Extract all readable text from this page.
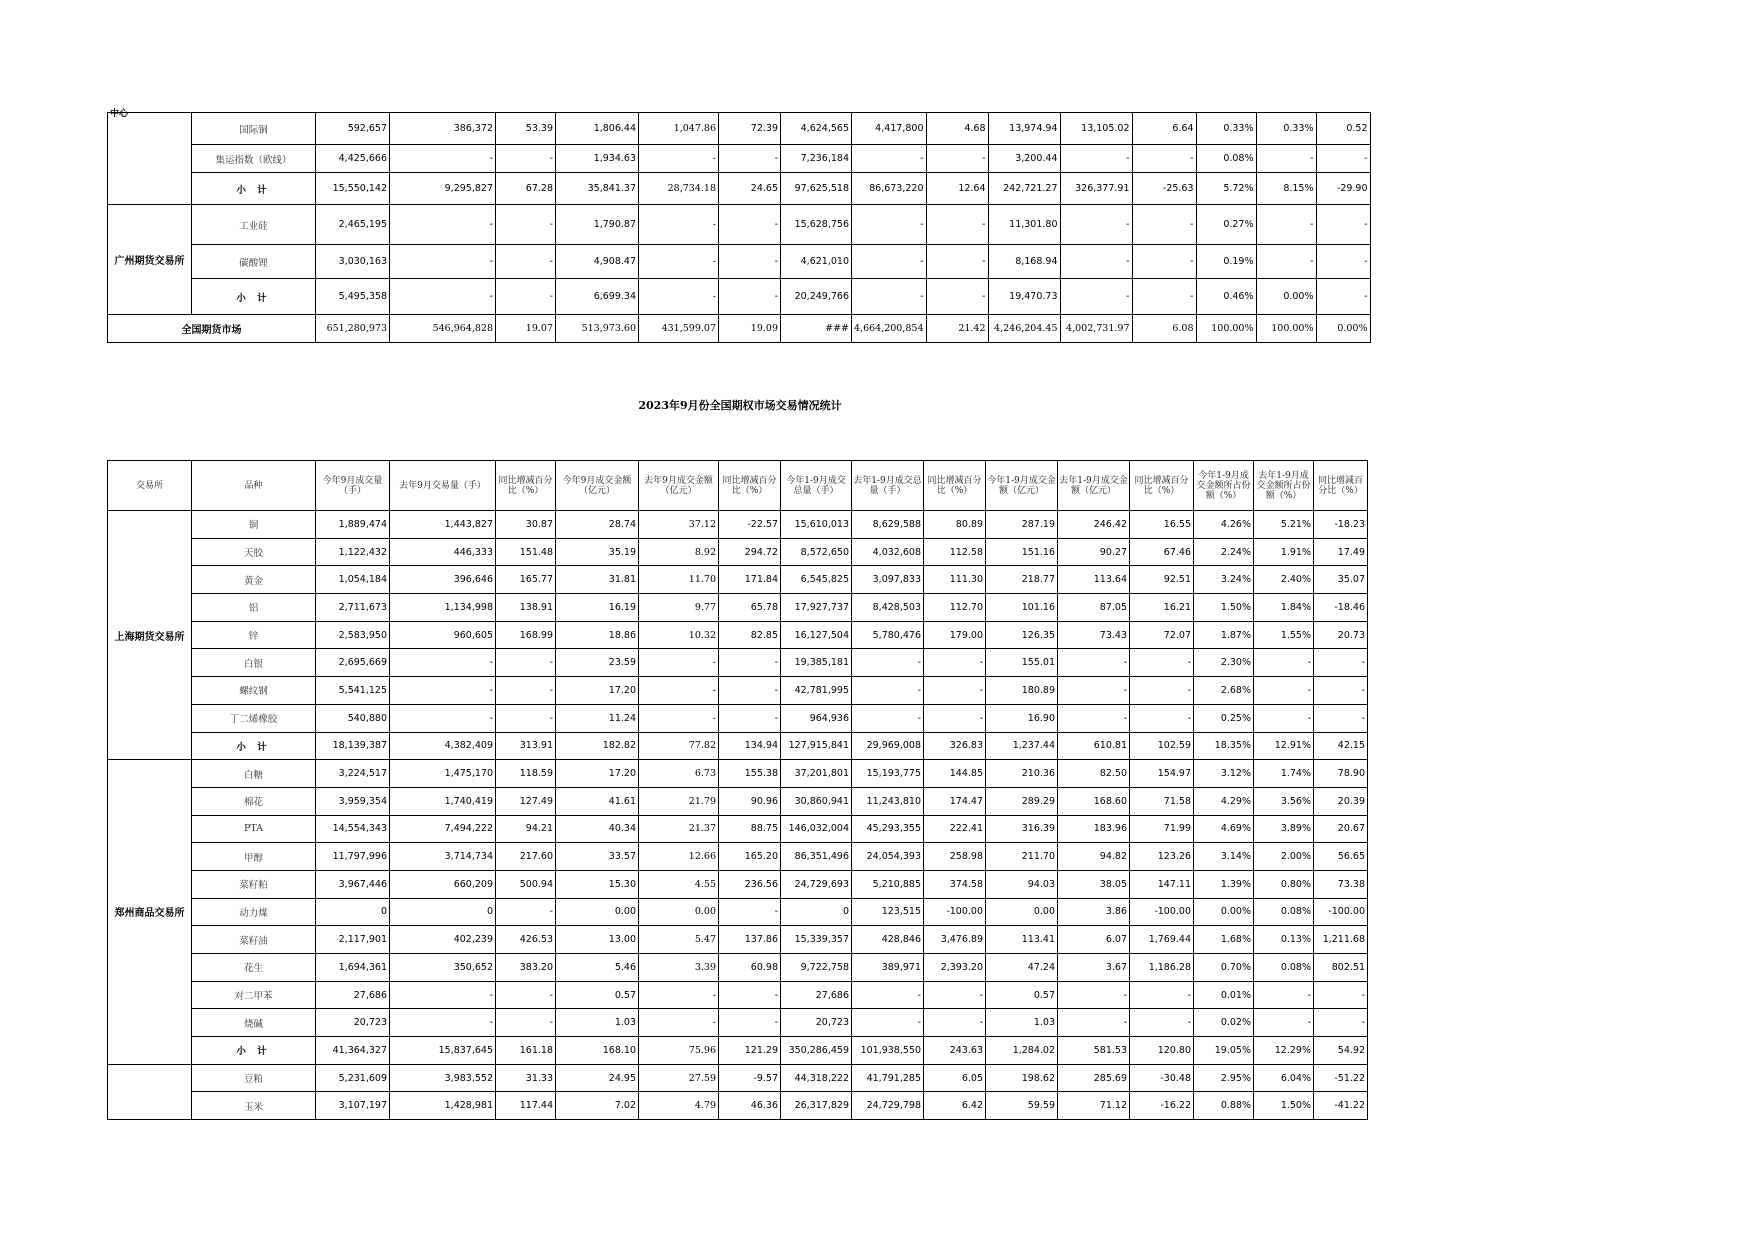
中心
	国际铜	592,657	386,372	53.39	1,806.44	1,047.86	72.39	4,624,565	4,417,800	4.68	13,974.94	13,105.02	6.64	0.33%	0.33%	0.52
	集运指数（欧线）	4,425,666	-	-	1,934.63	-	-	7,236,184	-	-	3,200.44	-	-	0.08%	-	-
	小 计	15,550,142	9,295,827	67.28	35,841.37	28,734.18	24.65	97,625,518	86,673,220	12.64	242,721.27	326,377.91	-25.63	5.72%	8.15%	-29.90
广州期货交易所	工业硅	2,465,195	-	-	1,790.87	-	-	15,628,756	-	-	11,301.80	-	-	0.27%	-	-
	碳酸锂	3,030,163	-	-	4,908.47	-	-	4,621,010	-	-	8,168.94	-	-	0.19%	-	-
	小 计	5,495,358	-	-	6,699.34	-	-	20,249,766	-	-	19,470.73	-	-	0.46%	0.00%	-
全国期货市场		651,280,973	546,964,828	19.07	513,973.60	431,599.07	19.09	###	4,664,200,854	21.42	4,246,204.45	4,002,731.97	6.08	100.00%	100.00%	0.00%
2023年9月份全国期权市场交易情况统计
交易所	品种	今年9月成交量（手）	去年9月交易量（手）	同比增减百分比（%）	今年9月成交金额（亿元）	去年9月成交金额（亿元）	同比增减百分比（%）	今年1-9月成交总量（手）	去年1-9月成交总量（手）	同比增减百分比（%）	今年1-9月成交金额（亿元）	去年1-9月成交金额（亿元）	同比增减百分比（%）	今年1-9月成交金额所占份额（%）	去年1-9月成交金额所占份额（%）	同比增减百分比（%）
上海期货交易所	铜	1,889,474	1,443,827	30.87	28.74	37.12	-22.57	15,610,013	8,629,588	80.89	287.19	246.42	16.55	4.26%	5.21%	-18.23
	天胶	1,122,432	446,333	151.48	35.19	8.92	294.72	8,572,650	4,032,608	112.58	151.16	90.27	67.46	2.24%	1.91%	17.49
	黄金	1,054,184	396,646	165.77	31.81	11.70	171.84	6,545,825	3,097,833	111.30	218.77	113.64	92.51	3.24%	2.40%	35.07
	铝	2,711,673	1,134,998	138.91	16.19	9.77	65.78	17,927,737	8,428,503	112.70	101.16	87.05	16.21	1.50%	1.84%	-18.46
	锌	2,583,950	960,605	168.99	18.86	10.32	82.85	16,127,504	5,780,476	179.00	126.35	73.43	72.07	1.87%	1.55%	20.73
	白银	2,695,669	-	-	23.59	-	-	19,385,181	-	-	155.01	-	-	2.30%	-	-
	螺纹钢	5,541,125	-	-	17.20	-	-	42,781,995	-	-	180.89	-	-	2.68%	-	-
	丁二烯橡胶	540,880	-	-	11.24	-	-	964,936	-	-	16.90	-	-	0.25%	-	-
	小 计	18,139,387	4,382,409	313.91	182.82	77.82	134.94	127,915,841	29,969,008	326.83	1,237.44	610.81	102.59	18.35%	12.91%	42.15
郑州商品交易所	白糖	3,224,517	1,475,170	118.59	17.20	6.73	155.38	37,201,801	15,193,775	144.85	210.36	82.50	154.97	3.12%	1.74%	78.90
	棉花	3,959,354	1,740,419	127.49	41.61	21.79	90.96	30,860,941	11,243,810	174.47	289.29	168.60	71.58	4.29%	3.56%	20.39
	PTA	14,554,343	7,494,222	94.21	40.34	21.37	88.75	146,032,004	45,293,355	222.41	316.39	183.96	71.99	4.69%	3.89%	20.67
	甲醇	11,797,996	3,714,734	217.60	33.57	12.66	165.20	86,351,496	24,054,393	258.98	211.70	94.82	123.26	3.14%	2.00%	56.65
	菜籽粕	3,967,446	660,209	500.94	15.30	4.55	236.56	24,729,693	5,210,885	374.58	94.03	38.05	147.11	1.39%	0.80%	73.38
	动力煤	0	0	-	0.00	0.00	-	0	123,515	-100.00	0.00	3.86	-100.00	0.00%	0.08%	-100.00
	菜籽油	2,117,901	402,239	426.53	13.00	5.47	137.86	15,339,357	428,846	3,476.89	113.41	6.07	1,769.44	1.68%	0.13%	1,211.68
	花生	1,694,361	350,652	383.20	5.46	3.39	60.98	9,722,758	389,971	2,393.20	47.24	3.67	1,186.28	0.70%	0.08%	802.51
	对二甲苯	27,686	-	-	0.57	-	-	27,686	-	-	0.57	-	-	0.01%	-	-
	烧碱	20,723	-	-	1.03	-	-	20,723	-	-	1.03	-	-	0.02%	-	-
	小 计	41,364,327	15,837,645	161.18	168.10	75.96	121.29	350,286,459	101,938,550	243.63	1,284.02	581.53	120.80	19.05%	12.29%	54.92
	豆粕	5,231,609	3,983,552	31.33	24.95	27.59	-9.57	44,318,222	41,791,285	6.05	198.62	285.69	-30.48	2.95%	6.04%	-51.22
	玉米	3,107,197	1,428,981	117.44	7.02	4.79	46.36	26,317,829	24,729,798	6.42	59.59	71.12	-16.22	0.88%	1.50%	-41.22
